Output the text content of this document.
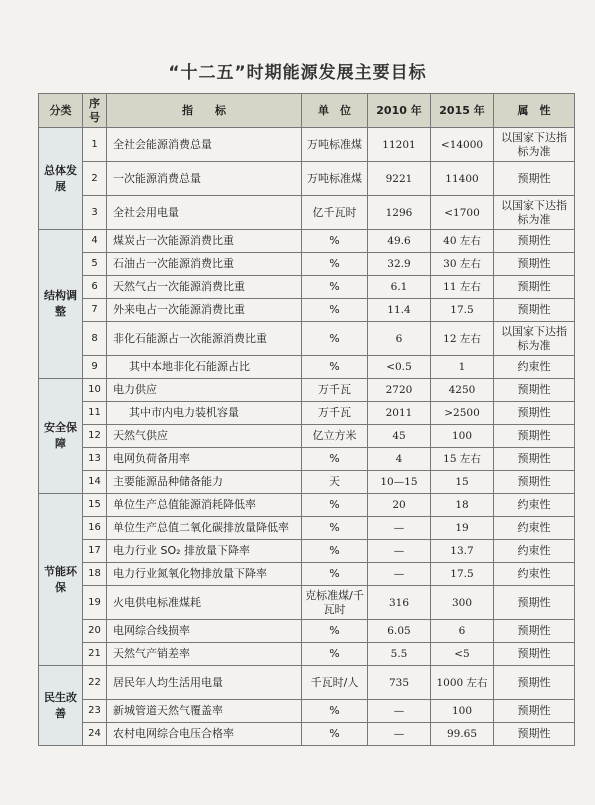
“十二五”时期能源发展主要目标
分类	序号	指　　标	单　位	2010 年	2015 年	属　性
总体发展	1	全社会能源消费总量	万吨标准煤	11201	<14000	以国家下达指标为准
	2	一次能源消费总量	万吨标准煤	9221	11400	预期性
	3	全社会用电量	亿千瓦时	1296	<1700	以国家下达指标为准
结构调整	4	煤炭占一次能源消费比重	%	49.6	40 左右	预期性
	5	石油占一次能源消费比重	%	32.9	30 左右	预期性
	6	天然气占一次能源消费比重	%	6.1	11 左右	预期性
	7	外来电占一次能源消费比重	%	11.4	17.5	预期性
	8	非化石能源占一次能源消费比重	%	6	12 左右	以国家下达指标为准
	9	其中本地非化石能源占比	%	<0.5	1	约束性
安全保障	10	电力供应	万千瓦	2720	4250	预期性
	11	其中市内电力装机容量	万千瓦	2011	>2500	预期性
	12	天然气供应	亿立方米	45	100	预期性
	13	电网负荷备用率	%	4	15 左右	预期性
	14	主要能源品种储备能力	天	10—15	15	预期性
节能环保	15	单位生产总值能源消耗降低率	%	20	18	约束性
	16	单位生产总值二氧化碳排放量降低率	%	—	19	约束性
	17	电力行业 SO₂ 排放量下降率	%	—	13.7	约束性
	18	电力行业氮氧化物排放量下降率	%	—	17.5	约束性
	19	火电供电标准煤耗	克标准煤/千瓦时	316	300	预期性
	20	电网综合线损率	%	6.05	6	预期性
	21	天然气产销差率	%	5.5	<5	预期性
民生改善	22	居民年人均生活用电量	千瓦时/人	735	1000 左右	预期性
	23	新城管道天然气覆盖率	%	—	100	预期性
	24	农村电网综合电压合格率	%	—	99.65	预期性
